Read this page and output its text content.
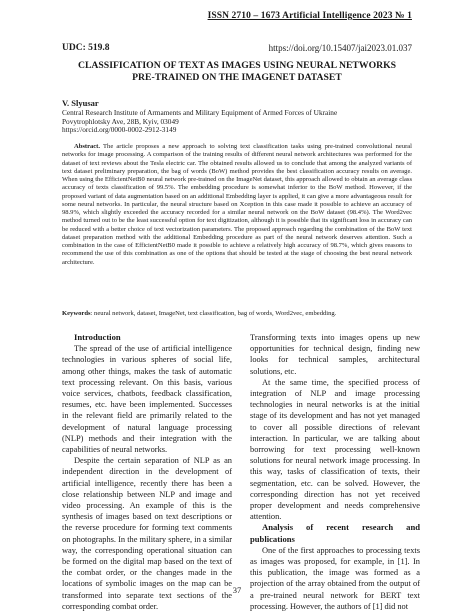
ISSN 2710 – 1673 Artificial Intelligence 2023 № 1
UDC: 519.8	https://doi.org/10.15407/jai2023.01.037
CLASSIFICATION OF TEXT AS IMAGES USING NEURAL NETWORKS
PRE-TRAINED ON THE IMAGENET DATASET
V. Slyusar
Central Research Institute of Armaments and Military Equipment of Armed Forces of Ukraine
Povytrophlotsky Ave, 28B, Kyiv, 03049
https://orcid.org/0000-0002-2912-3149
Abstract. The article proposes a new approach to solving text classification tasks using pre-trained convolutional neural networks for image processing. A comparison of the training results of different neural network architectures was performed for the dataset of text reviews about the Tesla electric car. The obtained results allowed us to conclude that among the analyzed variants of text dataset preliminary preparation, the bag of words (BoW) method provides the best classification accuracy results on average. When using the EfficientNetB0 neural network pre-trained on the ImageNet dataset, this approach allowed to obtain an average class accuracy of texts classification of 99.5%. The embedding procedure is somewhat inferior to the BoW method. However, if the proposed variant of data augmentation based on an additional Embedding layer is applied, it can give a more advantageous result for some neural networks. In particular, the neural structure based on Xception in this case made it possible to achieve an accuracy of 98.9%, which slightly exceeded the accuracy recorded for a similar neural network on the BoW dataset (98.4%). The Word2vec method turned out to be the least successful option for text digitization, although it is possible that its significant loss in accuracy can be reduced with a better choice of text vectorization parameters. The proposed approach regarding the combination of the BoW text dataset preparation method with the additional Embedding procedure as part of the neural network deserves attention. Such a combination in the case of EfficientNetB0 made it possible to achieve a relatively high accuracy of 98.7%, which gives reasons to recommend the use of this combination as one of the options that should be tested at the stage of choosing the best neural network architecture.
Keywords: neural network, dataset, ImageNet, text classification, bag of words, Word2vec, embedding.
Introduction

The spread of the use of artificial intelligence technologies in various spheres of social life, among other things, makes the task of automatic text processing relevant. On this basis, various voice services, chatbots, feedback classification, resumes, etc. have been implemented. Successes in the relevant field are primarily related to the development of natural language processing (NLP) methods and their integration with the capabilities of neural networks.

Despite the certain separation of NLP as an independent direction in the development of artificial intelligence, recently there has been a close relationship between NLP and image and video processing. An example of this is the synthesis of images based on text descriptions or the reverse procedure for forming text comments on photographs. In the military sphere, in a similar way, the corresponding operational situation can be formed on the digital map based on the text of the combat order, or the changes made in the locations of symbolic images on the map can be transformed into separate text sections of the corresponding combat order.

Transforming texts into images opens up new opportunities for technical design, finding new looks for technical samples, architectural solutions, etc.

At the same time, the specified process of integration of NLP and image processing technologies in neural networks is at the initial stage of its development and has not yet managed to cover all possible directions of relevant interaction. In particular, we are talking about borrowing for text processing well-known solutions for neural network image processing. In this way, tasks of classification of texts, their segmentation, etc. can be solved. However, the corresponding direction has not yet received proper development and needs comprehensive attention.

Analysis of recent research and publications

One of the first approaches to processing texts as images was proposed, for example, in [1]. In this publication, the image was formed as a projection of the array obtained from the output of a pre-trained neural network for BERT text processing. However, the authors of [1] did not

37
